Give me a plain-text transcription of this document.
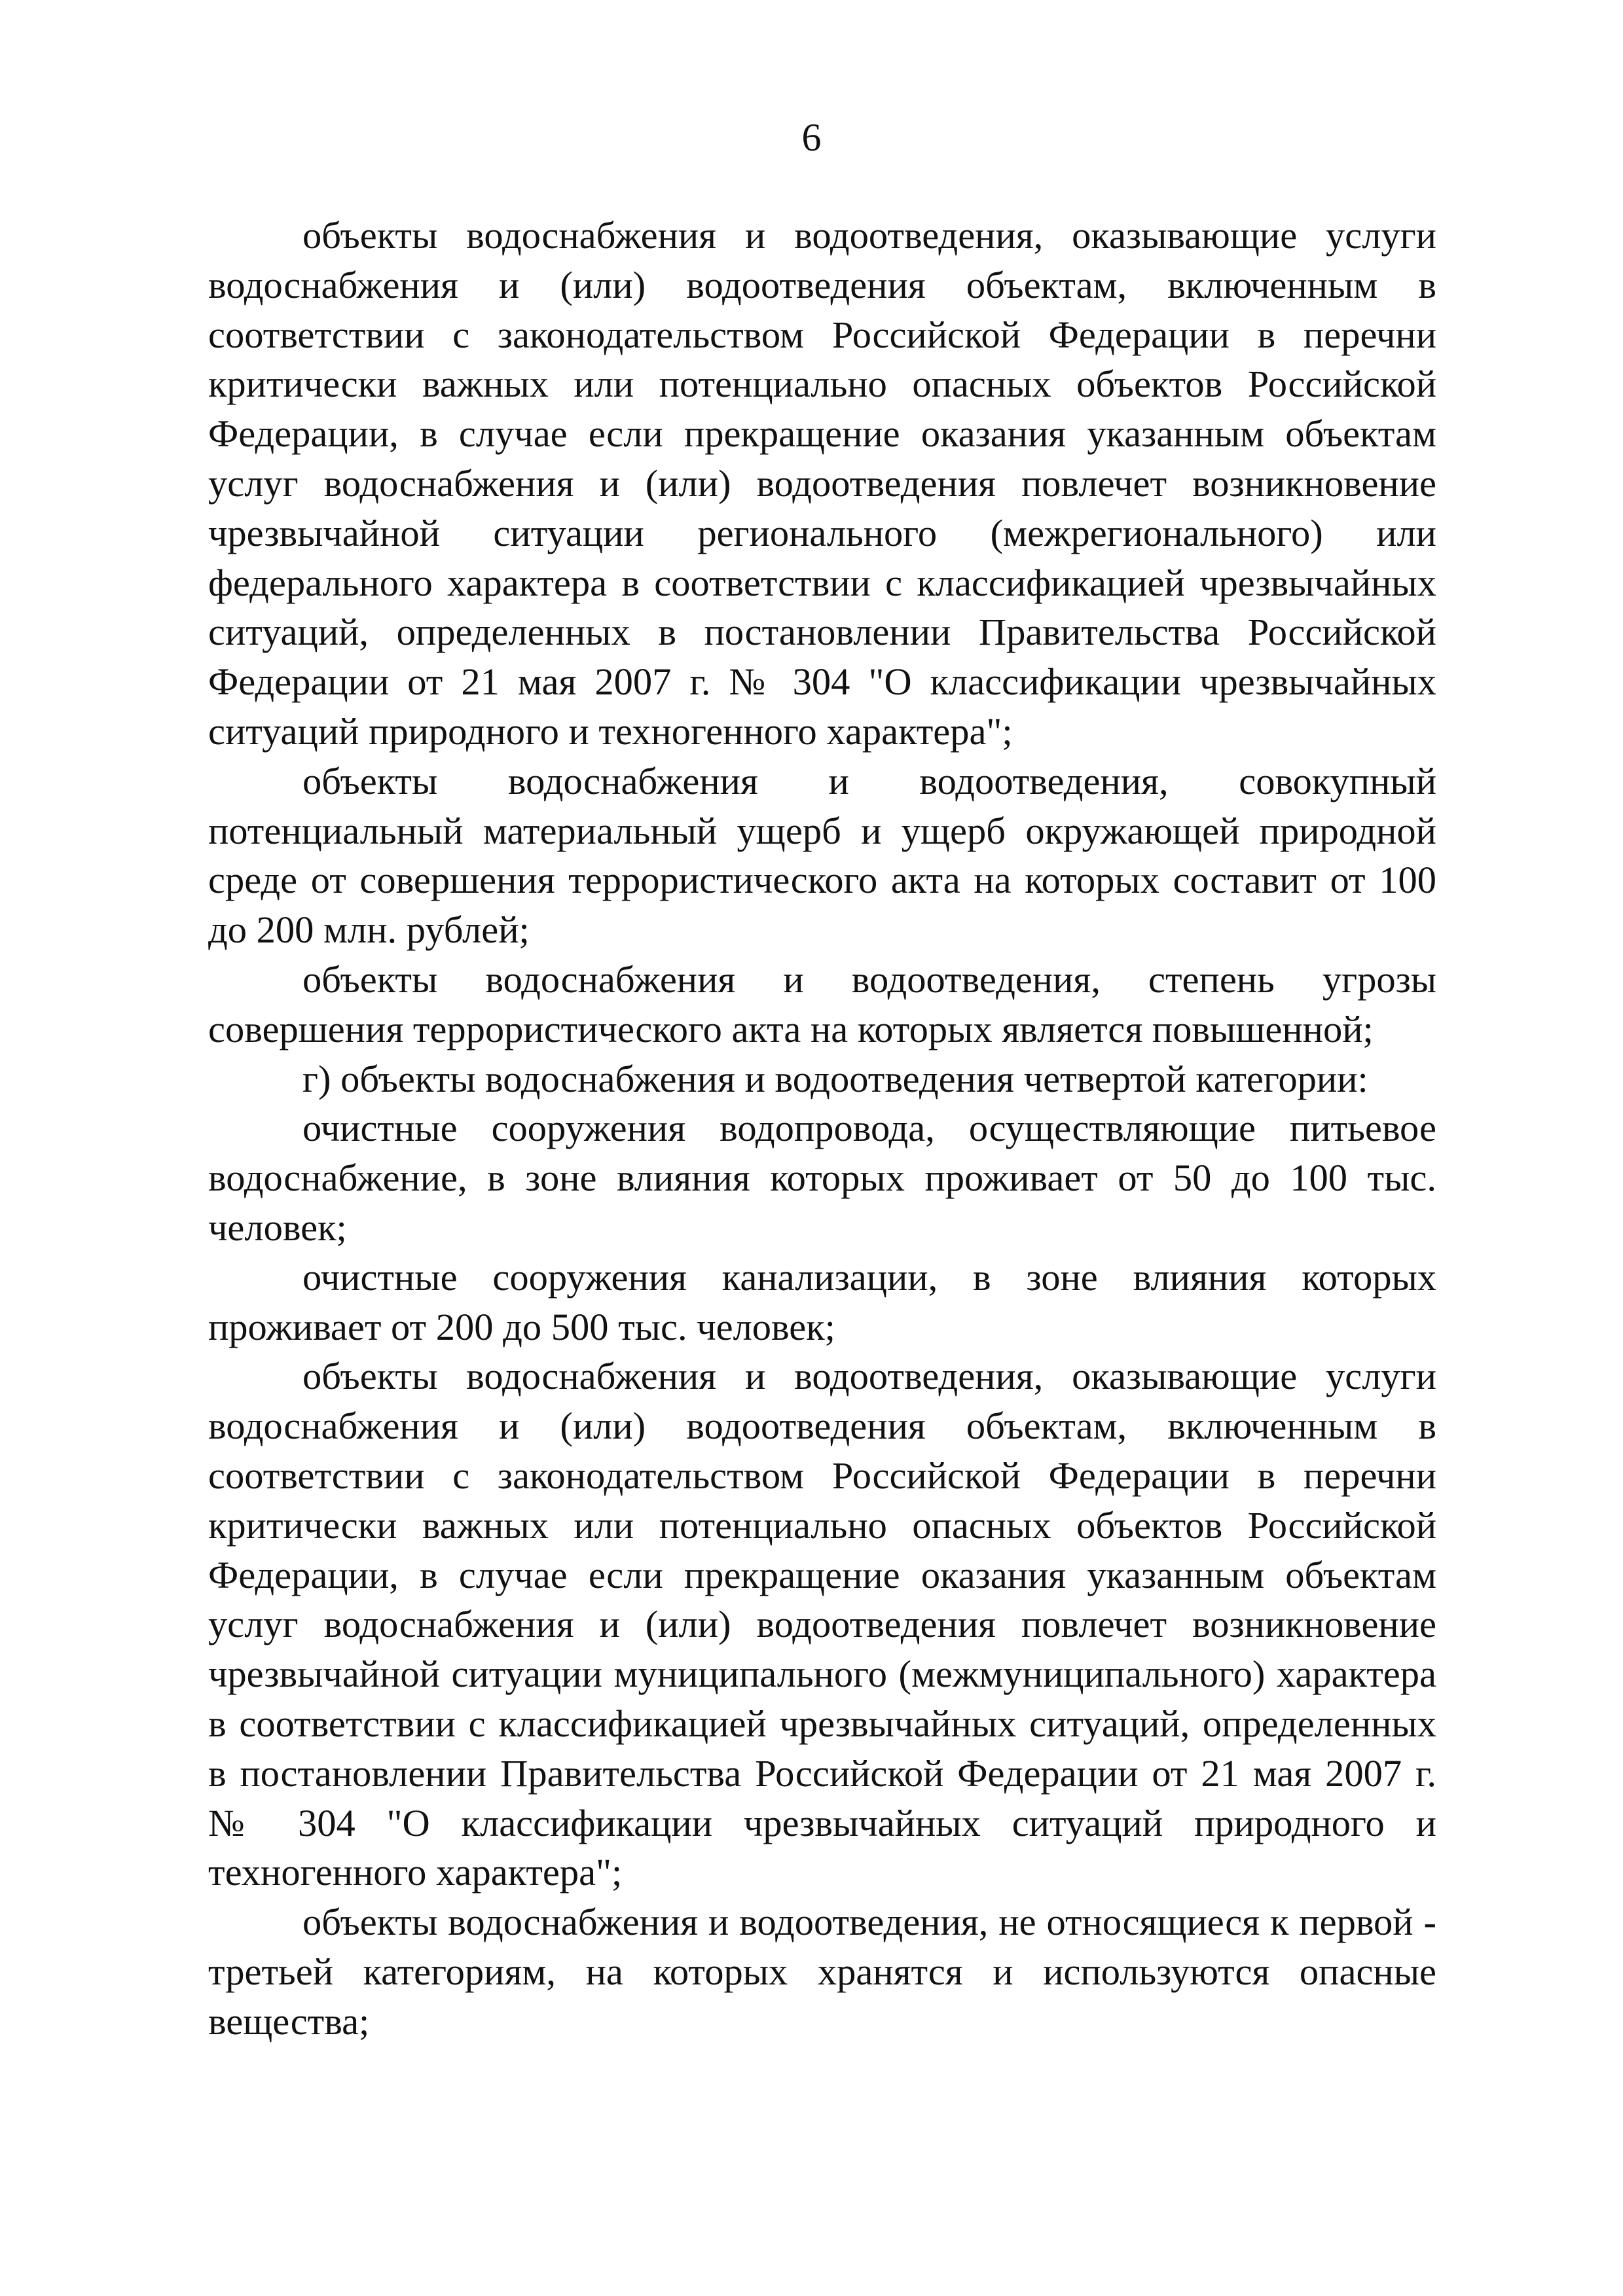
6

объекты водоснабжения и водоотведения, оказывающие услуги водоснабжения и (или) водоотведения объектам, включенным в соответствии с законодательством Российской Федерации в перечни критически важных или потенциально опасных объектов Российской Федерации, в случае если прекращение оказания указанным объектам услуг водоснабжения и (или) водоотведения повлечет возникновение чрезвычайной ситуации регионального (межрегионального) или федерального характера в соответствии с классификацией чрезвычайных ситуаций, определенных в постановлении Правительства Российской Федерации от 21 мая 2007 г. № 304 "О классификации чрезвычайных ситуаций природного и техногенного характера";

объекты водоснабжения и водоотведения, совокупный потенциальный материальный ущерб и ущерб окружающей природной среде от совершения террористического акта на которых составит от 100 до 200 млн. рублей;

объекты водоснабжения и водоотведения, степень угрозы совершения террористического акта на которых является повышенной;

г) объекты водоснабжения и водоотведения четвертой категории:

очистные сооружения водопровода, осуществляющие питьевое водоснабжение, в зоне влияния которых проживает от 50 до 100 тыс. человек;

очистные сооружения канализации, в зоне влияния которых проживает от 200 до 500 тыс. человек;

объекты водоснабжения и водоотведения, оказывающие услуги водоснабжения и (или) водоотведения объектам, включенным в соответствии с законодательством Российской Федерации в перечни критически важных или потенциально опасных объектов Российской Федерации, в случае если прекращение оказания указанным объектам услуг водоснабжения и (или) водоотведения повлечет возникновение чрезвычайной ситуации муниципального (межмуниципального) характера в соответствии с классификацией чрезвычайных ситуаций, определенных в постановлении Правительства Российской Федерации от 21 мая 2007 г. № 304 "О классификации чрезвычайных ситуаций природного и техногенного характера";

объекты водоснабжения и водоотведения, не относящиеся к первой - третьей категориям, на которых хранятся и используются опасные вещества;
